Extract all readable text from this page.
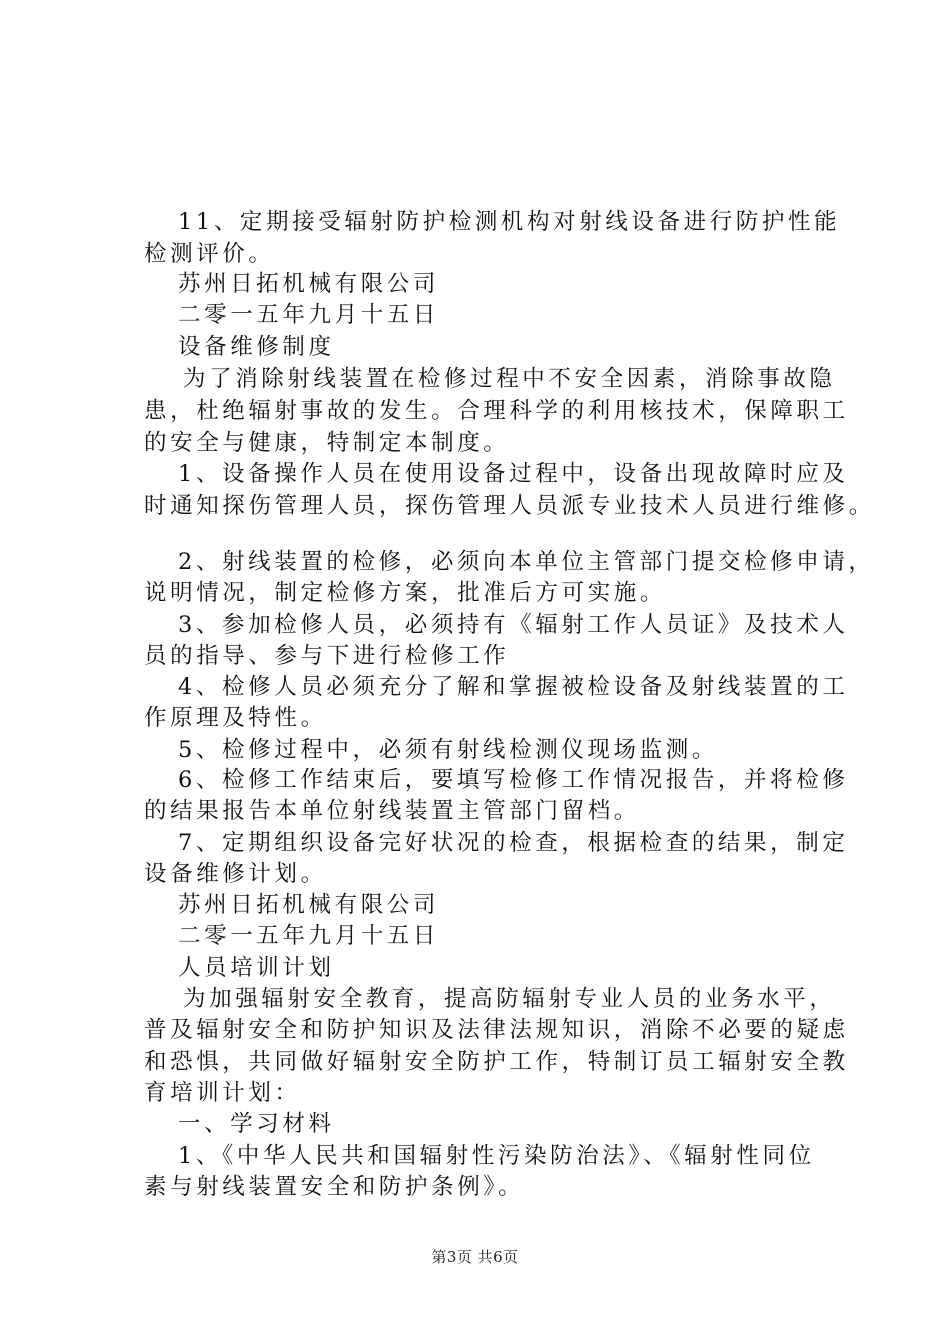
11、定期接受辐射防护检测机构对射线设备进行防护性能
检测评价。
苏州日拓机械有限公司
二零一五年九月十五日
设备维修制度
为了消除射线装置在检修过程中不安全因素，消除事故隐
患，杜绝辐射事故的发生。合理科学的利用核技术，保障职工
的安全与健康，特制定本制度。
1、设备操作人员在使用设备过程中，设备出现故障时应及
时通知探伤管理人员，探伤管理人员派专业技术人员进行维修。
2、射线装置的检修，必须向本单位主管部门提交检修申请，
说明情况，制定检修方案，批准后方可实施。
3、参加检修人员，必须持有《辐射工作人员证》及技术人
员的指导、参与下进行检修工作
4、检修人员必须充分了解和掌握被检设备及射线装置的工
作原理及特性。
5、检修过程中，必须有射线检测仪现场监测。
6、检修工作结束后，要填写检修工作情况报告，并将检修
的结果报告本单位射线装置主管部门留档。
7、定期组织设备完好状况的检查，根据检查的结果，制定
设备维修计划。
苏州日拓机械有限公司
二零一五年九月十五日
人员培训计划
为加强辐射安全教育，提高防辐射专业人员的业务水平，
普及辐射安全和防护知识及法律法规知识，消除不必要的疑虑
和恐惧，共同做好辐射安全防护工作，特制订员工辐射安全教
育培训计划：
一、学习材料
1、《中华人民共和国辐射性污染防治法》、《辐射性同位
素与射线装置安全和防护条例》。
第3页 共6页
